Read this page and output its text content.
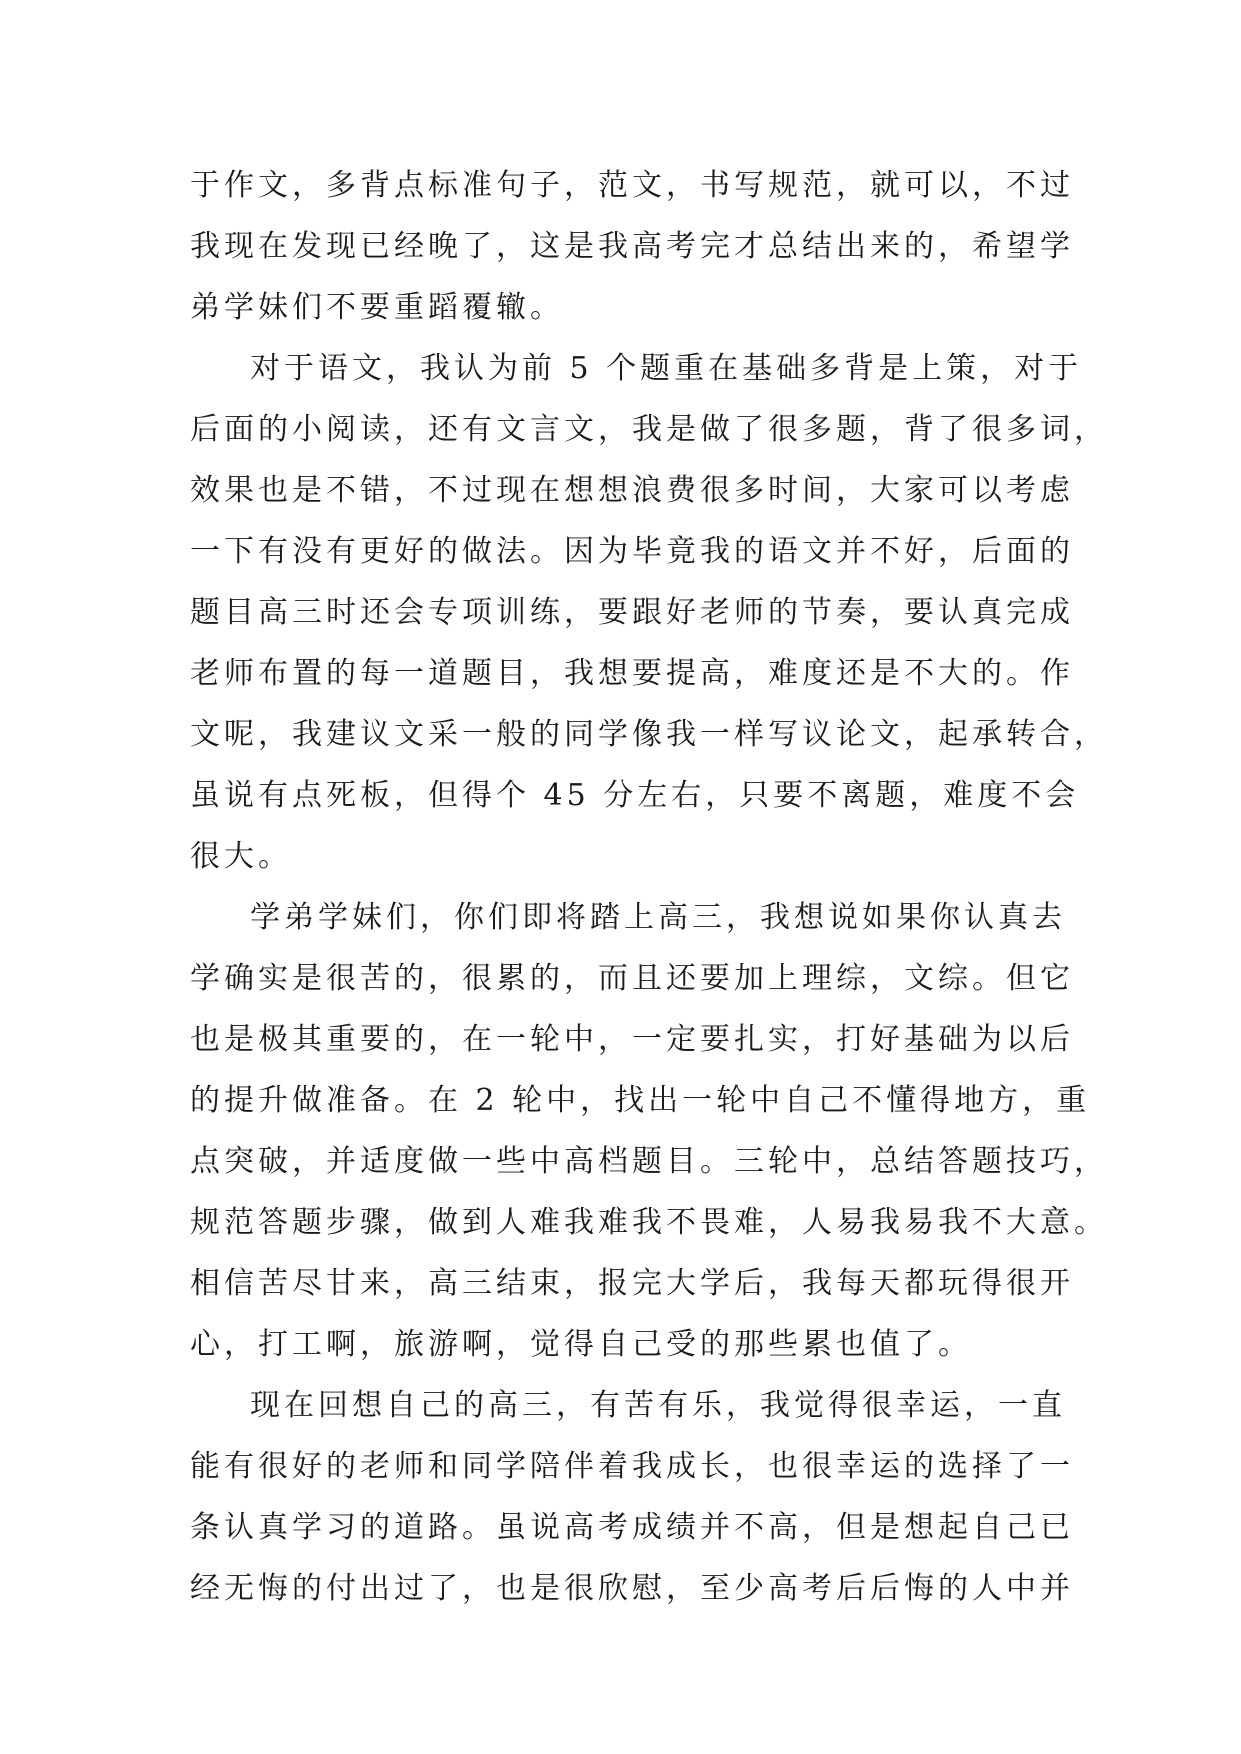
于作文，多背点标准句子，范文，书写规范，就可以，不过
我现在发现已经晚了，这是我高考完才总结出来的，希望学
弟学妹们不要重蹈覆辙。

对于语文，我认为前 5 个题重在基础多背是上策，对于
后面的小阅读，还有文言文，我是做了很多题，背了很多词，
效果也是不错，不过现在想想浪费很多时间，大家可以考虑
一下有没有更好的做法。因为毕竟我的语文并不好，后面的
题目高三时还会专项训练，要跟好老师的节奏，要认真完成
老师布置的每一道题目，我想要提高，难度还是不大的。作
文呢，我建议文采一般的同学像我一样写议论文，起承转合，
虽说有点死板，但得个 45 分左右，只要不离题，难度不会
很大。

学弟学妹们，你们即将踏上高三，我想说如果你认真去
学确实是很苦的，很累的，而且还要加上理综，文综。但它
也是极其重要的，在一轮中，一定要扎实，打好基础为以后
的提升做准备。在 2 轮中，找出一轮中自己不懂得地方，重
点突破，并适度做一些中高档题目。三轮中，总结答题技巧，
规范答题步骤，做到人难我难我不畏难，人易我易我不大意。
相信苦尽甘来，高三结束，报完大学后，我每天都玩得很开
心，打工啊，旅游啊，觉得自己受的那些累也值了。

现在回想自己的高三，有苦有乐，我觉得很幸运，一直
能有很好的老师和同学陪伴着我成长，也很幸运的选择了一
条认真学习的道路。虽说高考成绩并不高，但是想起自己已
经无悔的付出过了，也是很欣慰，至少高考后后悔的人中并
